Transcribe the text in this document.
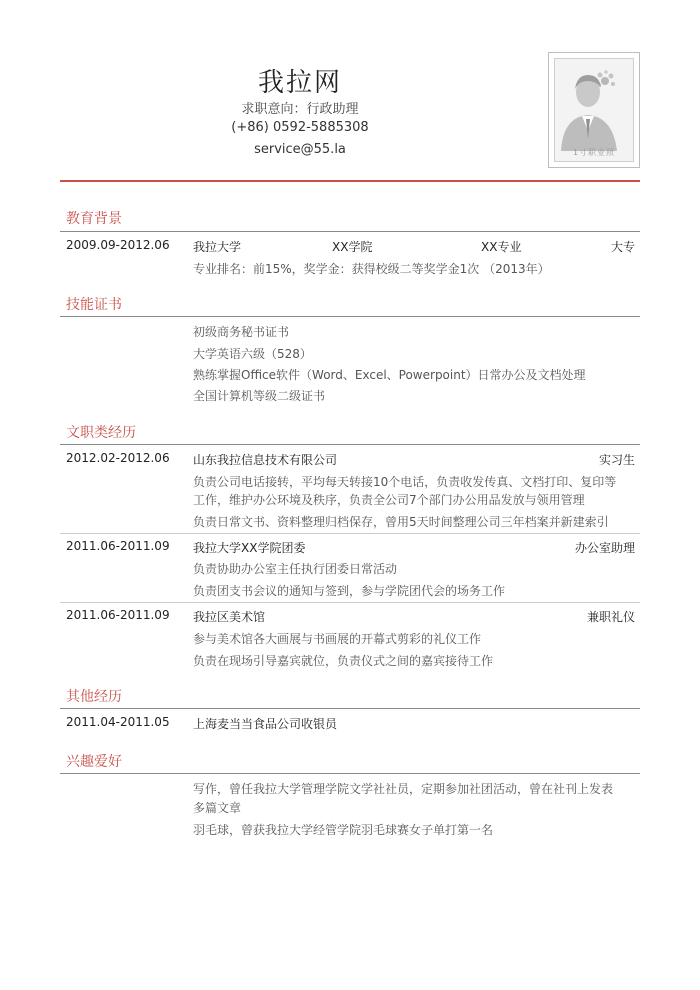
我拉网
求职意向：行政助理
(+86) 0592-5885308
service@55.la	1寸职业照
教育背景
2009.09-2012.06 我拉大学	XX学院	XX专业	大专
专业排名：前15%，奖学金：获得校级二等奖学金1次 （2013年）
技能证书
初级商务秘书证书
大学英语六级（528）
熟练掌握Office软件（Word、Excel、Powerpoint）日常办公及文档处理
全国计算机等级二级证书
文职类经历
2012.02-2012.06 山东我拉信息技术有限公司	实习生
负责公司电话接转，平均每天转接10个电话，负责收发传真、文档打印、复印等
工作，维护办公环境及秩序，负责全公司7个部门办公用品发放与领用管理
负责日常文书、资料整理归档保存，曾用5天时间整理公司三年档案并新建索引
2011.06-2011.09 我拉大学XX学院团委	办公室助理
负责协助办公室主任执行团委日常活动
负责团支书会议的通知与签到，参与学院团代会的场务工作
2011.06-2011.09 我拉区美术馆	兼职礼仪
参与美术馆各大画展与书画展的开幕式剪彩的礼仪工作
负责在现场引导嘉宾就位，负责仪式之间的嘉宾接待工作
其他经历
2011.04-2011.05 上海麦当当食品公司收银员
兴趣爱好
写作，曾任我拉大学管理学院文学社社员，定期参加社团活动，曾在社刊上发表
多篇文章
羽毛球，曾获我拉大学经管学院羽毛球赛女子单打第一名
